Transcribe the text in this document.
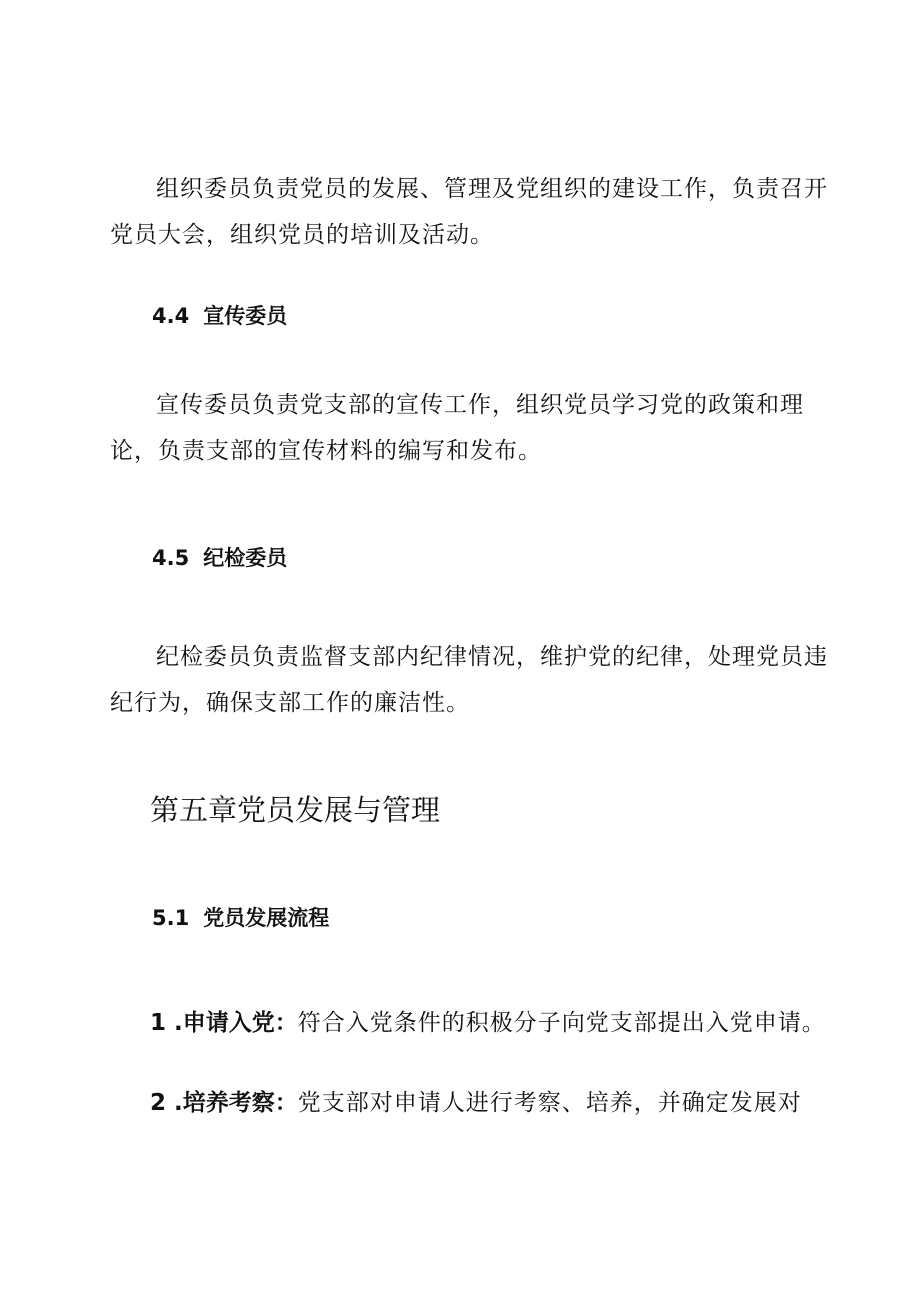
组织委员负责党员的发展、管理及党组织的建设工作，负责召开党员大会，组织党员的培训及活动。

4.4 宣传委员

宣传委员负责党支部的宣传工作，组织党员学习党的政策和理论，负责支部的宣传材料的编写和发布。

4.5 纪检委员

纪检委员负责监督支部内纪律情况，维护党的纪律，处理党员违纪行为，确保支部工作的廉洁性。

第五章党员发展与管理
5.1 党员发展流程

1 .申请入党：符合入党条件的积极分子向党支部提出入党申请。

2 .培养考察：党支部对申请人进行考察、培养，并确定发展对
